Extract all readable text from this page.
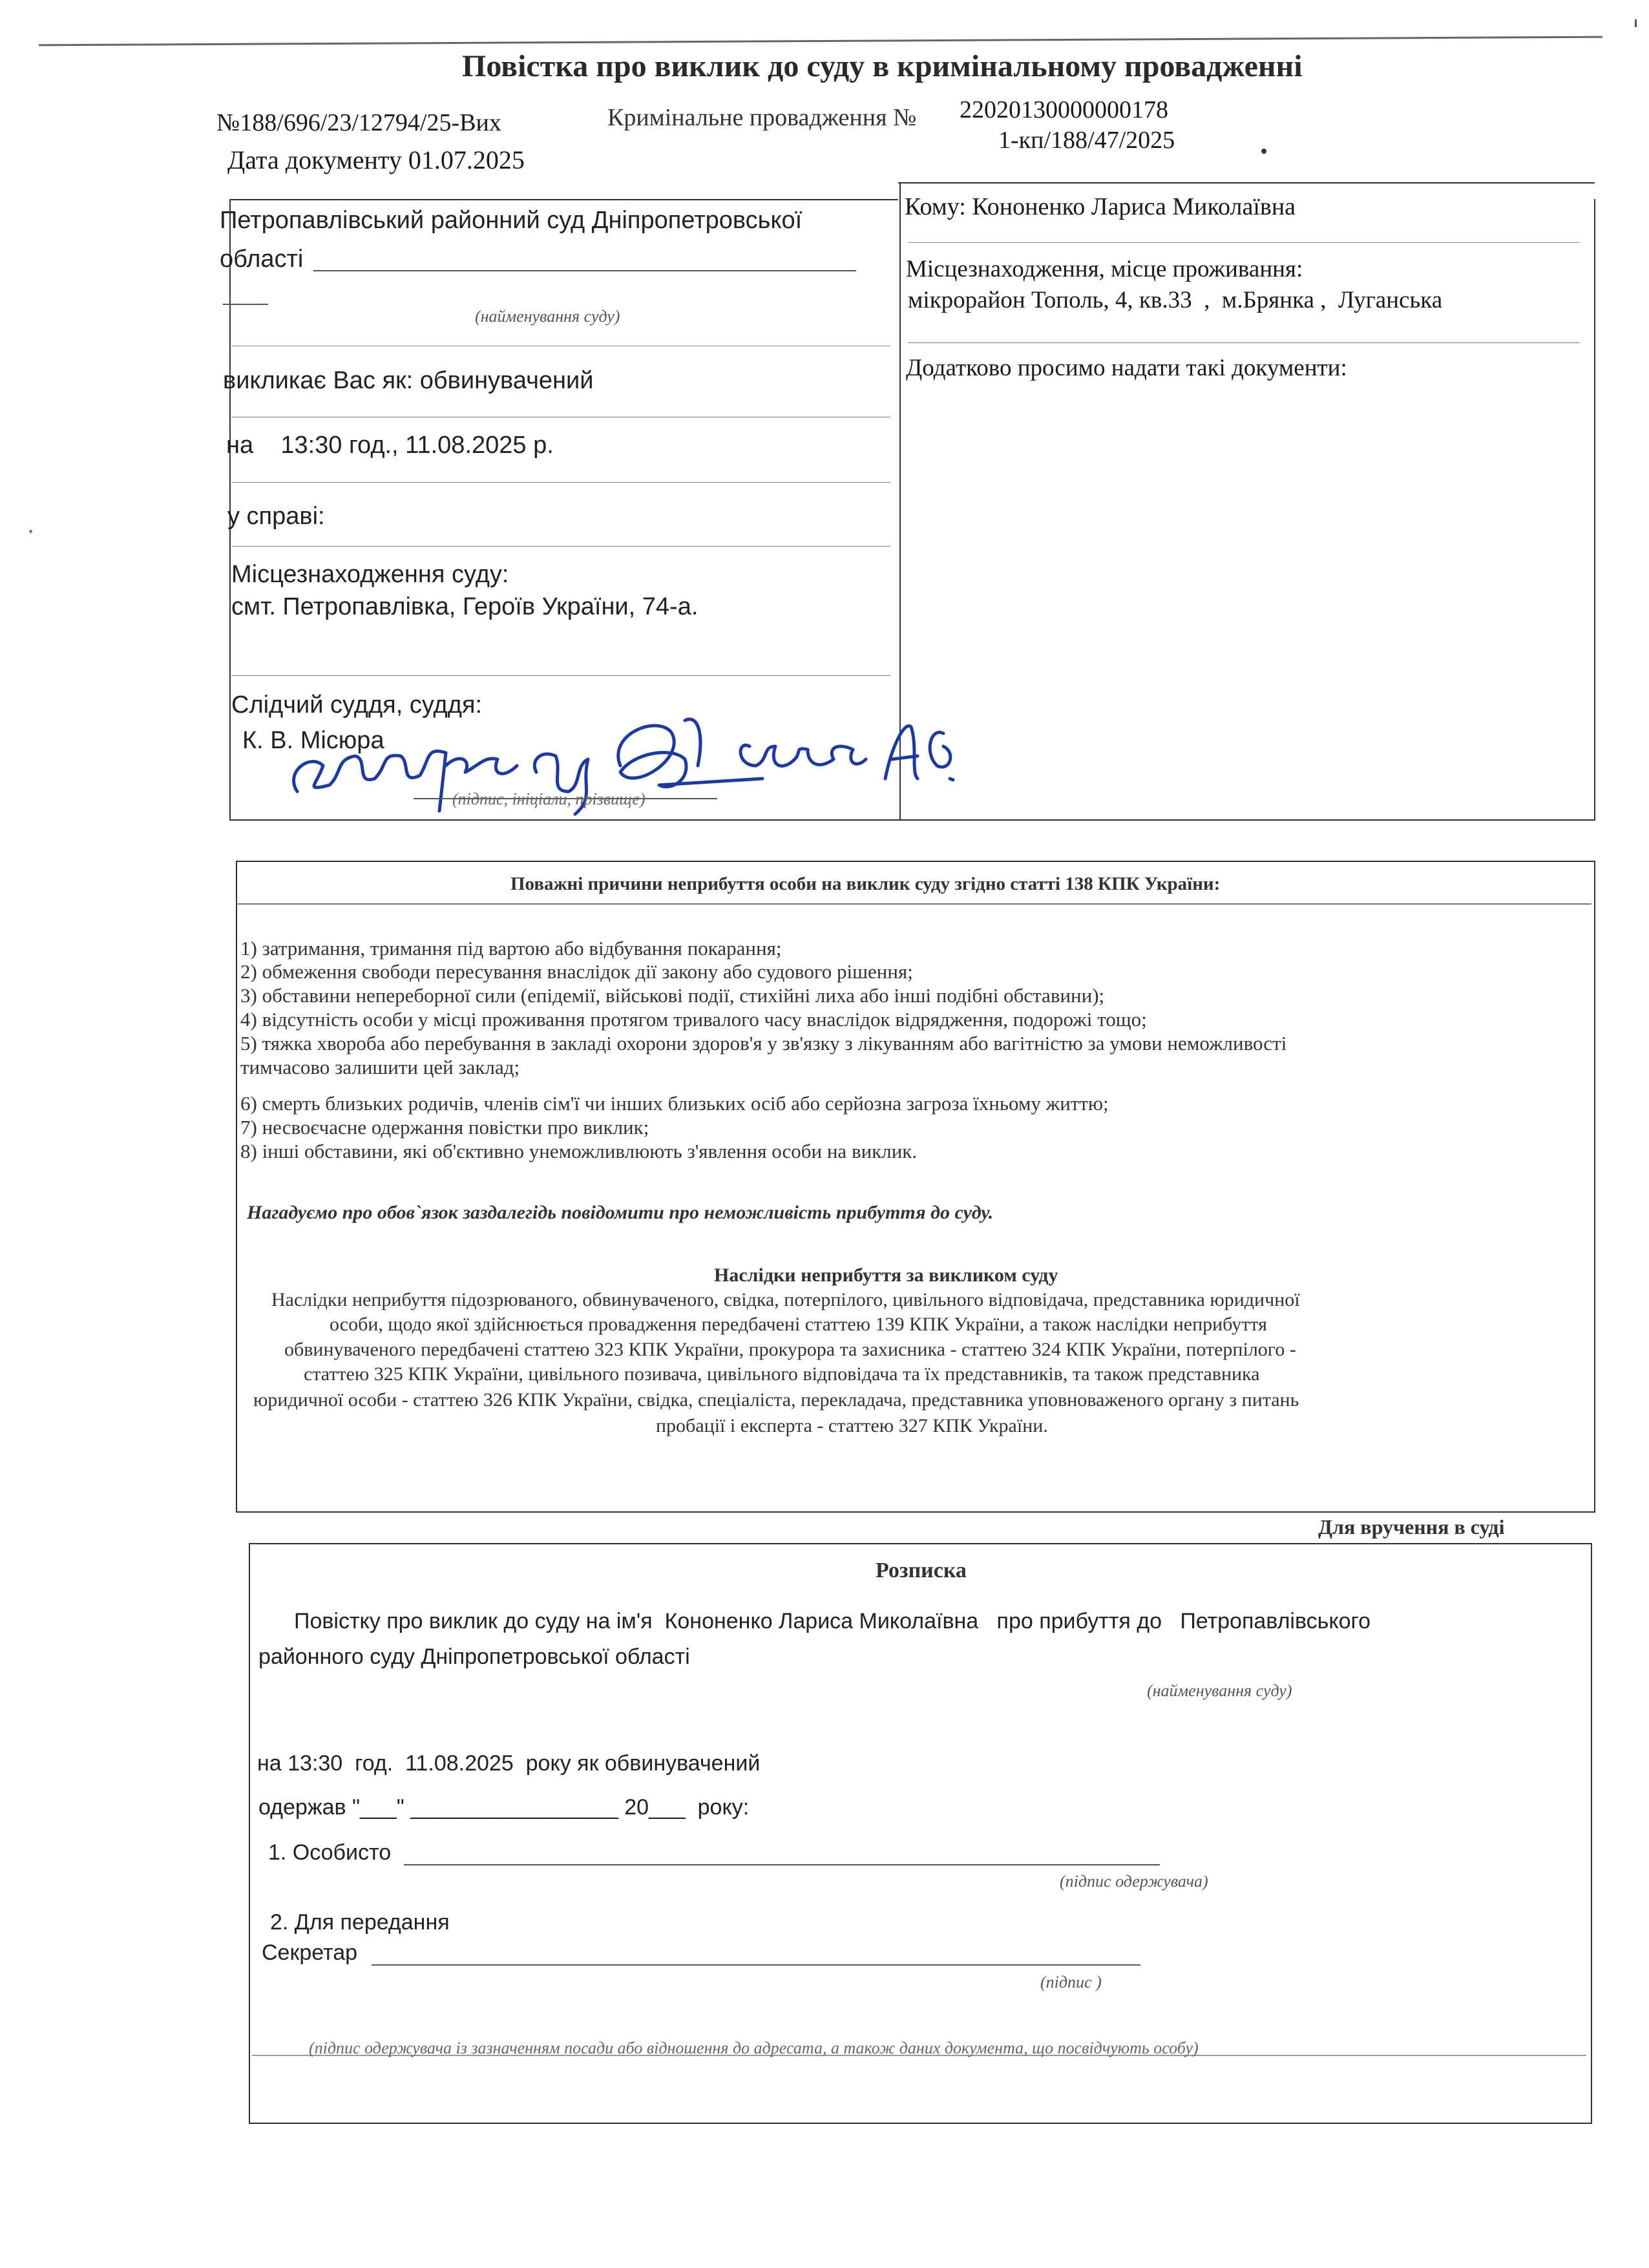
Повістка про виклик до суду в кримінальному провадженні
№188/696/23/12794/25-Вих	Кримінальне провадження № 22020130000000178
Дата документу 01.07.2025
1-кп/188/47/2025
Петропавлівський районний суд Дніпропетровської
області
(найменування суду)
викликає Вас як: обвинувачений
на    13:30 год., 11.08.2025 р.
у справі:
Місцезнаходження суду:
смт. Петропавлівка, Героїв України, 74-а.
Слідчий суддя, суддя:
К. В. Місюра
(підпис, ініціали, прізвище)
Кому: Кононенко Лариса Миколаївна
Місцезнаходження, місце проживання:
мікрорайон Тополь, 4, кв.33  ,  м.Брянка ,  Луганська
Додатково просимо надати такі документи:
Поважні причини неприбуття особи на виклик суду згідно статті 138 КПК України:
1) затримання, тримання під вартою або відбування покарання;
2) обмеження свободи пересування внаслідок дії закону або судового рішення;
3) обставини непереборної сили (епідемії, військові події, стихійні лиха або інші подібні обставини);
4) відсутність особи у місці проживання протягом тривалого часу внаслідок відрядження, подорожі тощо;
5) тяжка хвороба або перебування в закладі охорони здоров'я у зв'язку з лікуванням або вагітністю за умови неможливості
тимчасово залишити цей заклад;
6) смерть близьких родичів, членів сім'ї чи інших близьких осіб або серйозна загроза їхньому життю;
7) несвоєчасне одержання повістки про виклик;
8) інші обставини, які об'єктивно унеможливлюють з'явлення особи на виклик.
Нагадуємо про обов`язок заздалегідь повідомити про неможливість прибуття до суду.
Наслідки неприбуття за викликом суду
Наслідки неприбуття підозрюваного, обвинуваченого, свідка, потерпілого, цивільного відповідача, представника юридичної
особи, щодо якої здійснюється провадження передбачені статтею 139 КПК України, а також наслідки неприбуття
обвинуваченого передбачені статтею 323 КПК України, прокурора та захисника - статтею 324 КПК України, потерпілого -
статтею 325 КПК України, цивільного позивача, цивільного відповідача та їх представників, та також представника
юридичної особи - статтею 326 КПК України, свідка, спеціаліста, перекладача, представника уповноваженого органу з питань
пробації і експерта - статтею 327 КПК України.
Для вручення в суді
Розписка
Повістку про виклик до суду на ім'я  Кононенко Лариса Миколаївна   про прибуття до   Петропавлівського
районного суду Дніпропетровської області
(найменування суду)
на 13:30  год.  11.08.2025  року як обвинувачений
одержав "___" _________________ 20___  року:
1. Особисто
(підпис одержувача)
2. Для передання
Секретар
(підпис )
(підпис одержувача із зазначенням посади або відношення до адресата, а також даних документа, що посвідчують особу)
